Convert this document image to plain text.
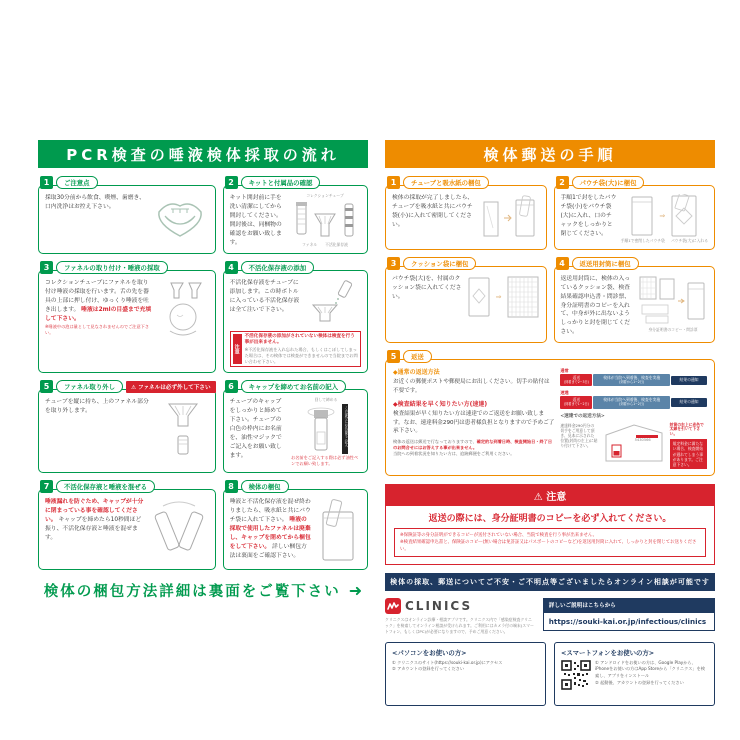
PCR検査の唾液検体採取の流れ
1	ご注意点
採取30分前から飲食、喫煙、歯磨き、口内洗浄はお控え下さい。
2	キットと付属品の確認
キット開封前に手を洗い清潔にしてから開封してください。開封後は、同梱物の確認をお願い致します。
コレクションチューブ
ファネル 不活化保存液
3	ファネルの取り付け・唾液の採取
コレクションチューブにファネルを取り付け唾液の採取を行います。舌の先を器具の上部に押し付け、ゆっくり唾液を吐き出します。 唾液は2mlの目盛まで充填して下さい。
※唾液中の泡は量として見なされませんのでご注意下さい。
4	不活化保存液の添加
不活化保存液をチューブに添加します。この時ボトルに入っている不活化保存液は全て注いで下さい。
注意
不活化保存液の添加がされていない検体は検査を行う事が出来ません。
※不活化保存液を入れ忘れた場合、もしくはこぼしてしまった場合は、その検体では検査ができませんので当院までお問い合わせ下さい。
5	ファネル取り外し	⚠ ファネルは必ず外して下さい
チューブを縦に持ち、上のファネル部分を取り外します。
6	キャップを締めてお名前の記入
チューブのキャップをしっかりと締めて下さい。チューブの白色の枠内にお名前を、油性マジックでご記入をお願い致します。
回して締める
この部分にお名前をご記入
お名前をご記入する際は必ず油性ペンでお願い致します。
7	不活化保存液と唾液を混ぜる
唾液漏れを防ぐため、キャップが十分に閉まっている事を確認してください。 キャップを締めたら10秒間ほど振り、不活化保存液と唾液を混ぜます。
8	検体の梱包
唾液と不活化保存液を混ぜ終わりましたら、吸水紙と共にパウチ袋に入れて下さい。 唾液の採取で使用したファネルは廃棄し、キャップを閉めてから梱包をして下さい。 詳しい梱包方法は裏面をご確認下さい。
検体の梱包方法詳細は裏面をご覧下さい ➜
検体郵送の手順
1	チューブと吸水紙の梱包
検体の採取が完了しましたら、チューブを吸水紙と共にパウチ袋(小)に入れて密閉してください。
2	パウチ袋(大)に梱包
手順1で封をしたパウチ袋(小)をパウチ袋(大)に入れ、口のチャックをしっかりと閉じてください。
⇒
手順1で密閉したパウチ袋 パウチ袋(大)に入れる
3	クッション袋に梱包
パウチ袋(大)を、付属のクッション袋に入れてください。	⇒
4	返送用封筒に梱包
返送用封筒に、検体の入っているクッション袋、検査結果確認申込書・問診票、身分証明書のコピーを入れて、中身が外に出ないようしっかりと封を閉じてください。
身分証明書のコピー・問診票
5	返送
◆通常の返送方法
お近くの郵便ポストや郵便局にお出しください。切手の貼付は不要です。
◆検査結果を早く知りたい方(速達)
検査結果が早く知りたい方は速達でのご返送をお願い致します。なお、速達料金290円は患者様負担となりますので予めご了承下さい。
検体の返送は郵送で行なっておりますので、確定的な到着日時、検査開始日・終了日のお問合せにはお答えする事が出来ません。
当院への到着状況を知りたい方は、追跡郵便をご利用ください。
通常
返送
(到着まで2~3日)
検体が当院へ到着後、検査を実施
(到着から1~2日)	結果の通知
速達
返送
(到着まで1~2日)
検体が当院へ到着後、検査を実施
(到着から1~2日)	結果の通知
<速達での返送方法>
速達料金290円分の切手をご用意して頂き、見本に示された位置(封筒の左上)に貼り付けて下さい。
5430566
封筒の右上に赤色で太線を引いて下さい。
規定料金に満たない場合、検査開始が遅れてしまう事があります。ご注意下さい。
⚠ 注意
返送の際には、身分証明書のコピーを必ず入れてください。
※保険証等の身分証明ができるコピーが送付されていない場合、当院で検査を行う事が出来ません。
※検査結果確認申込書と、保険証のコピー(無い場合は免許証又はパスポートのコピーなど)を返送用封筒に入れて、しっかりと封を閉じてお送りください。
検体の採取、郵送についてご不安・ご不明点等ございましたらオンライン相談が可能です
CLINICS
クリニクスはオンライン診療・相談アプリです。クリニクス内で「感染症検査クリニック」を検索してオンライン相談が受けられます。ご利用にはカメラ付の端末(スマートフォン、もしくはPC)が必要になりますので、予めご用意ください。
詳しいご説明はこちらから
https://souki-kai.or.jp/infectious/clinics
<パソコンをお使いの方>
① クリニクスのサイト(https://souki-kai.or.jp)にアクセス
② アカウントの登録を行ってください
<スマートフォンをお使いの方>
① アンドロイドをお使いの方は、Google Playから、iPhoneをお使いの方はApp Storeから「クリニクス」を検索し、アプリをインストール
② 起動後、アカウントの登録を行ってください
